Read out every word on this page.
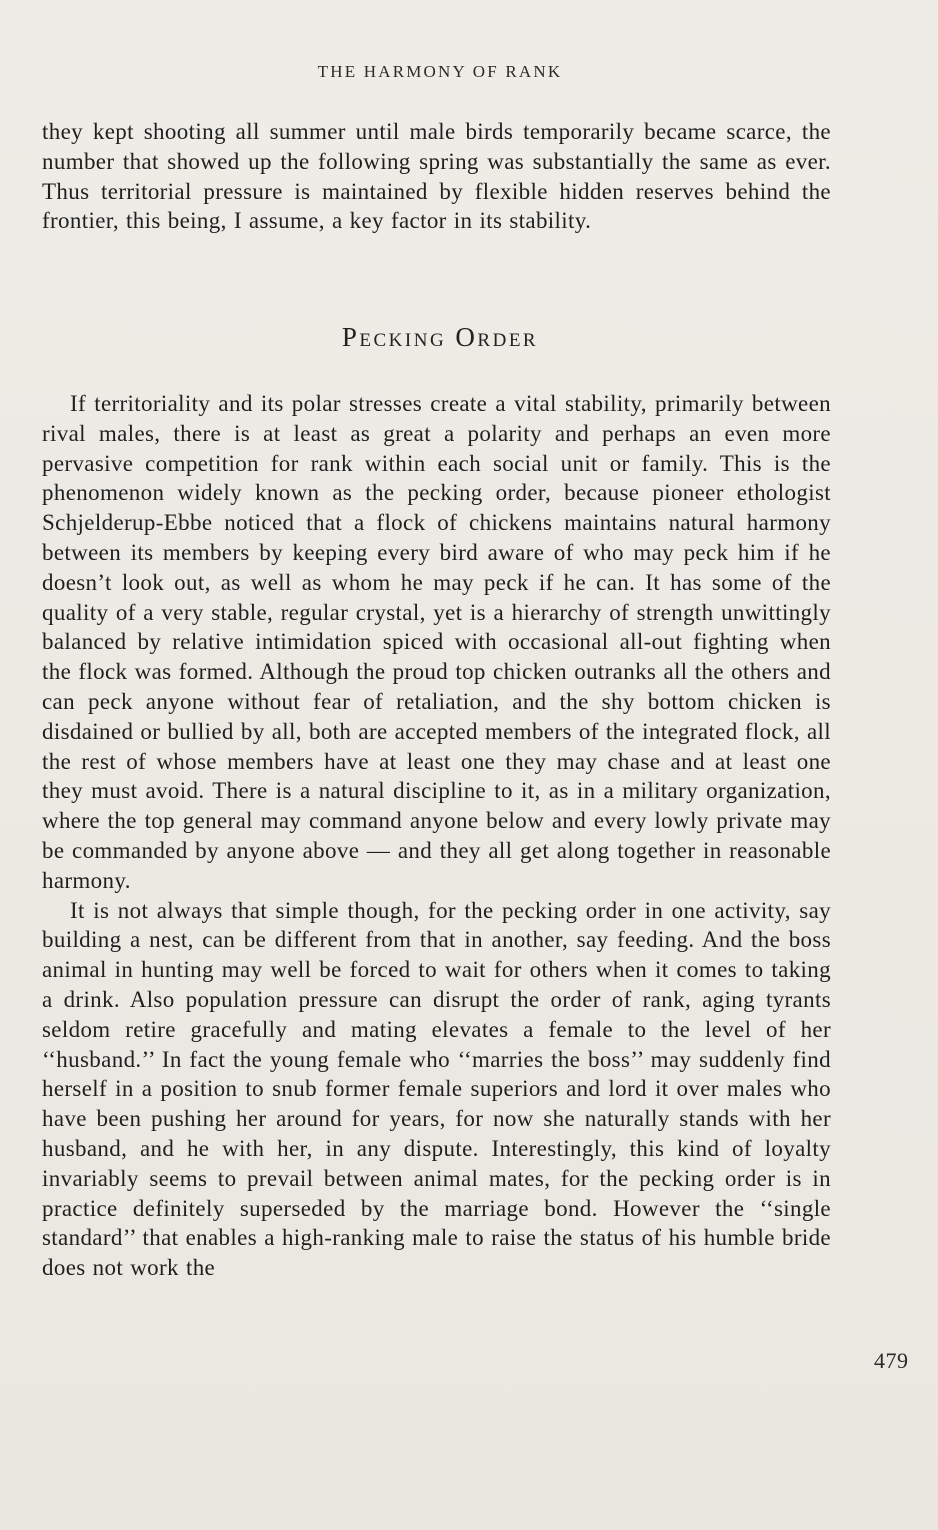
THE HARMONY OF RANK

they kept shooting all summer until male birds temporarily became scarce, the number that showed up the following spring was substantially the same as ever. Thus territorial pressure is maintained by flexible hidden reserves behind the frontier, this being, I assume, a key factor in its stability.

Pecking Order

If territoriality and its polar stresses create a vital stability, primarily between rival males, there is at least as great a polarity and perhaps an even more pervasive competition for rank within each social unit or family. This is the phenomenon widely known as the pecking order, because pioneer ethologist Schjelderup-Ebbe noticed that a flock of chickens maintains natural harmony between its members by keeping every bird aware of who may peck him if he doesn’t look out, as well as whom he may peck if he can. It has some of the quality of a very stable, regular crystal, yet is a hierarchy of strength unwittingly balanced by relative intimidation spiced with occasional all-out fighting when the flock was formed. Although the proud top chicken outranks all the others and can peck anyone without fear of retaliation, and the shy bottom chicken is disdained or bullied by all, both are accepted members of the integrated flock, all the rest of whose members have at least one they may chase and at least one they must avoid. There is a natural discipline to it, as in a military organization, where the top general may command anyone below and every lowly private may be commanded by anyone above — and they all get along together in reasonable harmony.

It is not always that simple though, for the pecking order in one activity, say building a nest, can be different from that in another, say feeding. And the boss animal in hunting may well be forced to wait for others when it comes to taking a drink. Also population pressure can disrupt the order of rank, aging tyrants seldom retire gracefully and mating elevates a female to the level of her ‘‘husband.’’ In fact the young female who ‘‘marries the boss’’ may suddenly find herself in a position to snub former female superiors and lord it over males who have been pushing her around for years, for now she naturally stands with her husband, and he with her, in any dispute. Interestingly, this kind of loyalty invariably seems to prevail between animal mates, for the pecking order is in practice definitely superseded by the marriage bond. However the ‘‘single standard’’ that enables a high-ranking male to raise the status of his humble bride does not work the

479
